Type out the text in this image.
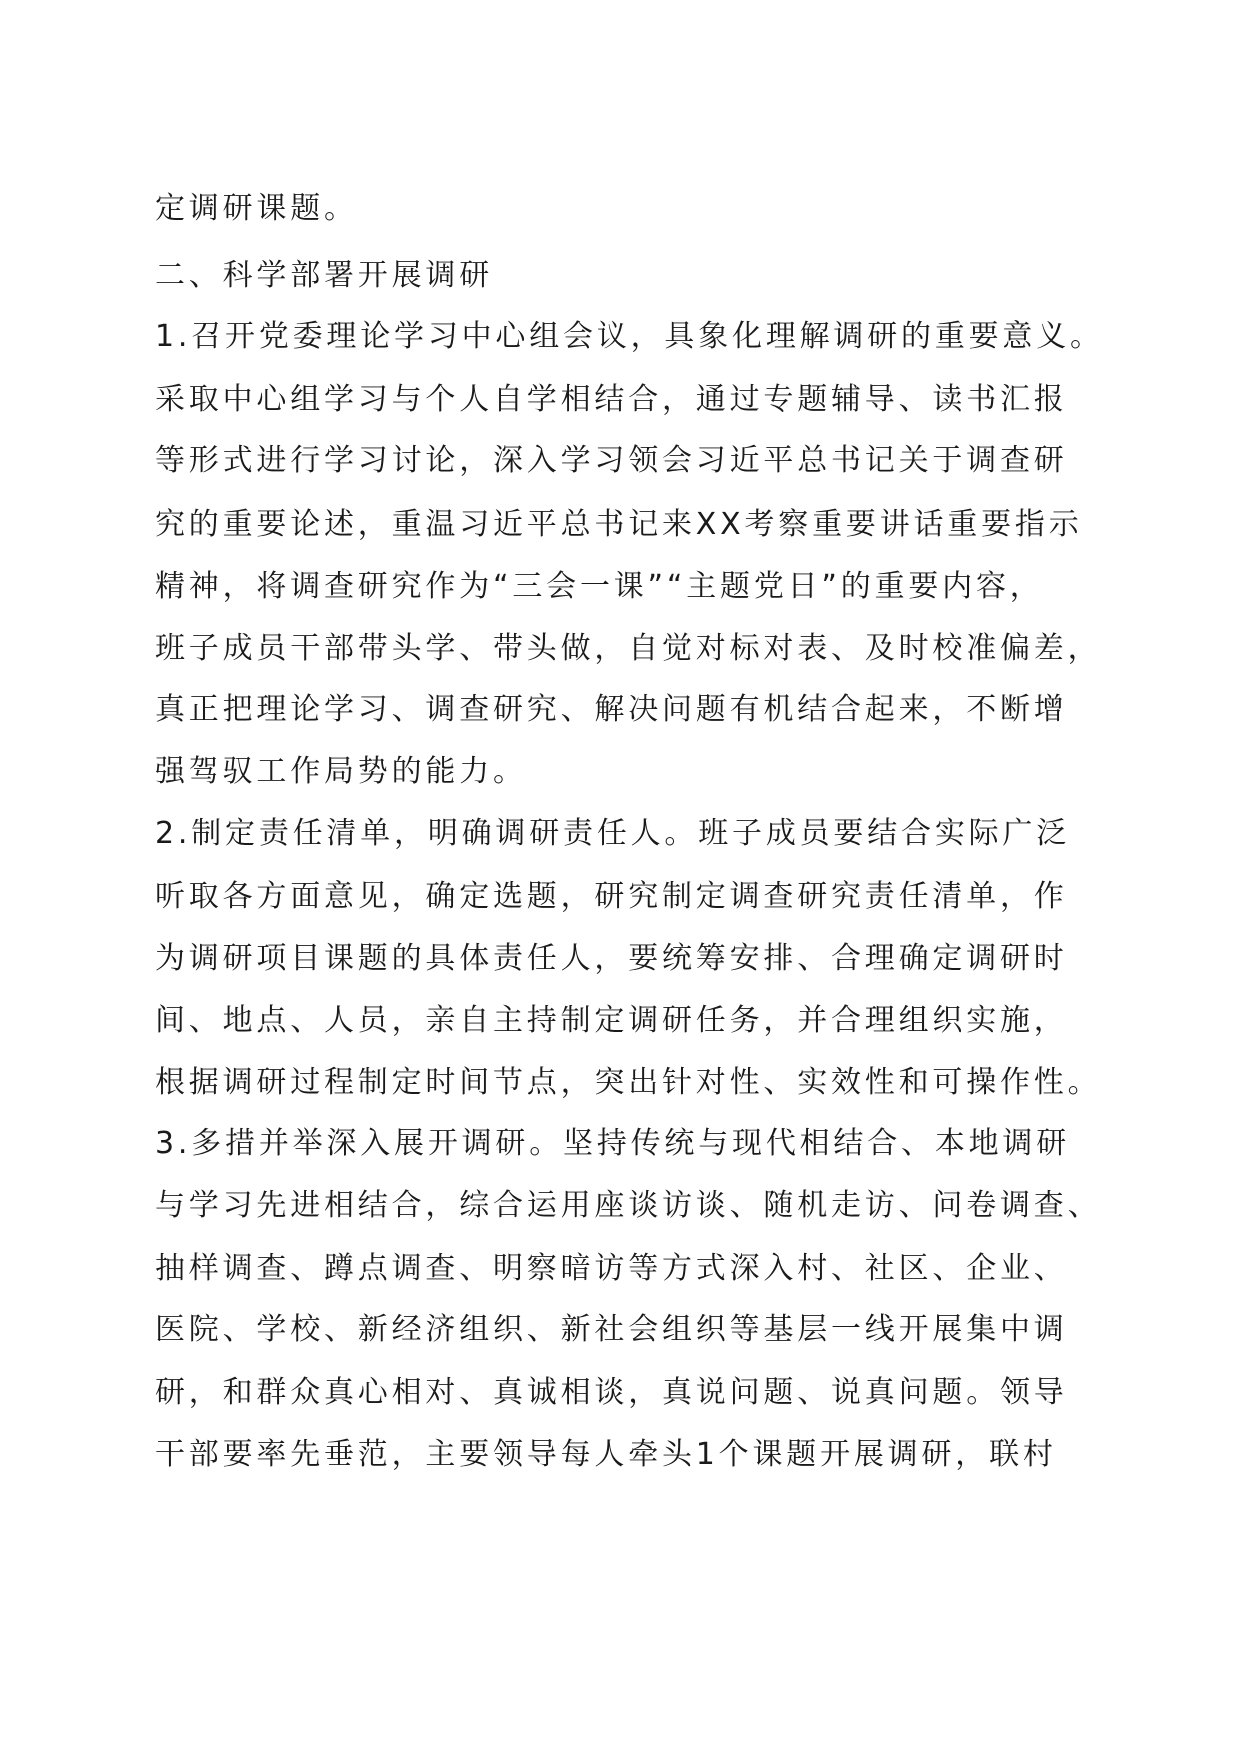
定调研课题。
二、科学部署开展调研
1.召开党委理论学习中心组会议，具象化理解调研的重要意义。
采取中心组学习与个人自学相结合，通过专题辅导、读书汇报
等形式进行学习讨论，深入学习领会习近平总书记关于调查研
究的重要论述，重温习近平总书记来XX考察重要讲话重要指示
精神，将调查研究作为“三会一课”“主题党日”的重要内容，
班子成员干部带头学、带头做，自觉对标对表、及时校准偏差，
真正把理论学习、调查研究、解决问题有机结合起来，不断增
强驾驭工作局势的能力。
2.制定责任清单，明确调研责任人。班子成员要结合实际广泛
听取各方面意见，确定选题，研究制定调查研究责任清单，作
为调研项目课题的具体责任人，要统筹安排、合理确定调研时
间、地点、人员，亲自主持制定调研任务，并合理组织实施，
根据调研过程制定时间节点，突出针对性、实效性和可操作性。
3.多措并举深入展开调研。坚持传统与现代相结合、本地调研
与学习先进相结合，综合运用座谈访谈、随机走访、问卷调查、
抽样调查、蹲点调查、明察暗访等方式深入村、社区、企业、
医院、学校、新经济组织、新社会组织等基层一线开展集中调
研，和群众真心相对、真诚相谈，真说问题、说真问题。领导
干部要率先垂范，主要领导每人牵头1个课题开展调研，联村
